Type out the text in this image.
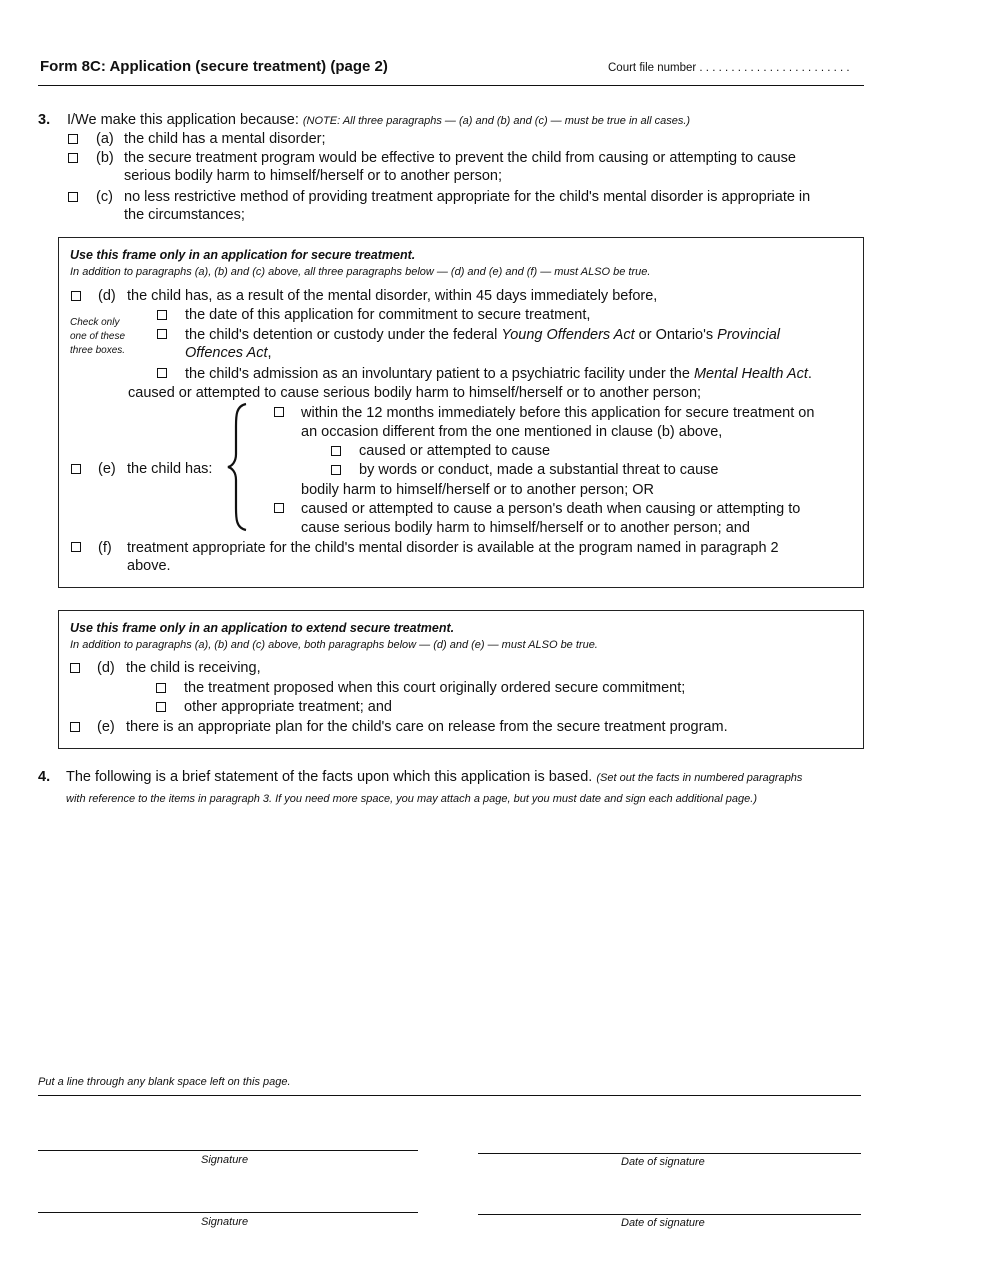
Form 8C: Application (secure treatment) (page 2)	Court file number . . . . . . . . . . . . . . . . . . . . . . . .
3. I/We make this application because: (NOTE: All three paragraphs — (a) and (b) and (c) — must be true in all cases.)
(a) the child has a mental disorder;
(b) the secure treatment program would be effective to prevent the child from causing or attempting to cause
serious bodily harm to himself/herself or to another person;
(c) no less restrictive method of providing treatment appropriate for the child's mental disorder is appropriate in
the circumstances;
Use this frame only in an application for secure treatment.
In addition to paragraphs (a), (b) and (c) above, all three paragraphs below — (d) and (e) and (f) — must ALSO be true.
(d) the child has, as a result of the mental disorder, within 45 days immediately before,
Check only
one of these
three boxes.
the date of this application for commitment to secure treatment,
the child's detention or custody under the federal Young Offenders Act or Ontario's Provincial
Offences Act,
the child's admission as an involuntary patient to a psychiatric facility under the Mental Health Act.
caused or attempted to cause serious bodily harm to himself/herself or to another person;
(e) the child has:
within the 12 months immediately before this application for secure treatment on
an occasion different from the one mentioned in clause (b) above,
caused or attempted to cause
by words or conduct, made a substantial threat to cause
bodily harm to himself/herself or to another person; OR
caused or attempted to cause a person's death when causing or attempting to
cause serious bodily harm to himself/herself or to another person; and
(f) treatment appropriate for the child's mental disorder is available at the program named in paragraph 2
above.
Use this frame only in an application to extend secure treatment.
In addition to paragraphs (a), (b) and (c) above, both paragraphs below — (d) and (e) — must ALSO be true.
(d) the child is receiving,
the treatment proposed when this court originally ordered secure commitment;
other appropriate treatment; and
(e) there is an appropriate plan for the child's care on release from the secure treatment program.
4. The following is a brief statement of the facts upon which this application is based. (Set out the facts in numbered paragraphs
with reference to the items in paragraph 3. If you need more space, you may attach a page, but you must date and sign each additional page.)
Put a line through any blank space left on this page.
Signature	Date of signature
Signature	Date of signature
